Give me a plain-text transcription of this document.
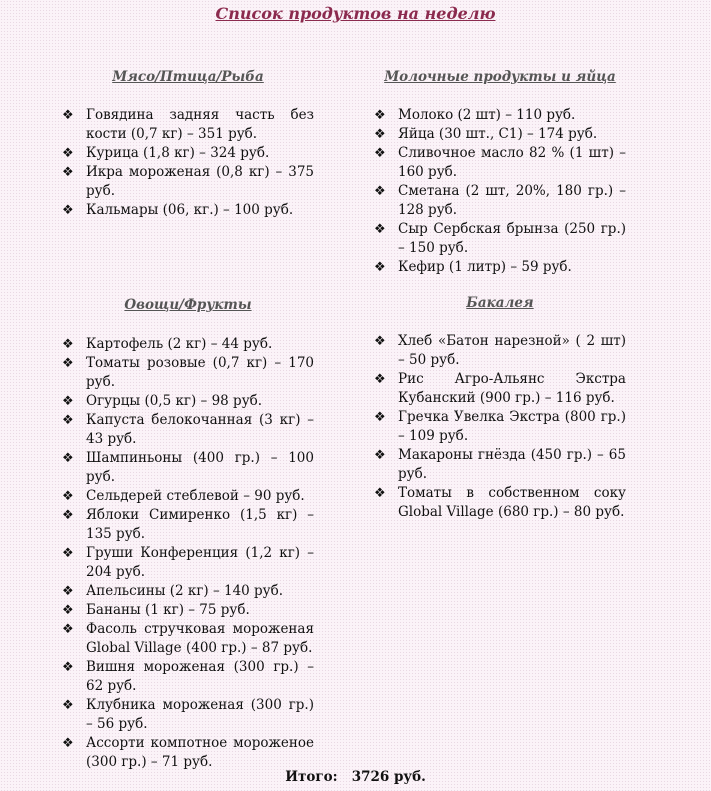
Список продуктов на неделю
Мясо/Птица/Рыба
❖ Говядина задняя часть без кости (0,7 кг) – 351 руб.
❖ Курица (1,8 кг) – 324 руб.
❖ Икра мороженая (0,8 кг) – 375 руб.
❖ Кальмары (06, кг.) – 100 руб.
Молочные продукты и яйца
❖ Молоко (2 шт) – 110 руб.
❖ Яйца (30 шт., С1) – 174 руб.
❖ Сливочное масло 82 % (1 шт) – 160 руб.
❖ Сметана (2 шт, 20%, 180 гр.) – 128 руб.
❖ Сыр Сербская брынза (250 гр.) – 150 руб.
❖ Кефир (1 литр) – 59 руб.
Овощи/Фрукты
❖ Картофель (2 кг) – 44 руб.
❖ Томаты розовые (0,7 кг) – 170 руб.
❖ Огурцы (0,5 кг) – 98 руб.
❖ Капуста белокочанная (3 кг) – 43 руб.
❖ Шампиньоны (400 гр.) – 100 руб.
❖ Сельдерей стеблевой – 90 руб.
❖ Яблоки Симиренко (1,5 кг) – 135 руб.
❖ Груши Конференция (1,2 кг) – 204 руб.
❖ Апельсины (2 кг) – 140 руб.
❖ Бананы (1 кг) – 75 руб.
❖ Фасоль стручковая мороженая Global Village (400 гр.) – 87 руб.
❖ Вишня мороженая (300 гр.) – 62 руб.
❖ Клубника мороженая (300 гр.) – 56 руб.
❖ Ассорти компотное мороженое (300 гр.) – 71 руб.
Бакалея
❖ Хлеб «Батон нарезной» ( 2 шт) – 50 руб.
❖ Рис Агро-Альянс Экстра Кубанский (900 гр.) – 116 руб.
❖ Гречка Увелка Экстра (800 гр.) – 109 руб.
❖ Макароны гнёзда (450 гр.) – 65 руб.
❖ Томаты в собственном соку Global Village (680 гр.) – 80 руб.
Итого: 3726 руб.
